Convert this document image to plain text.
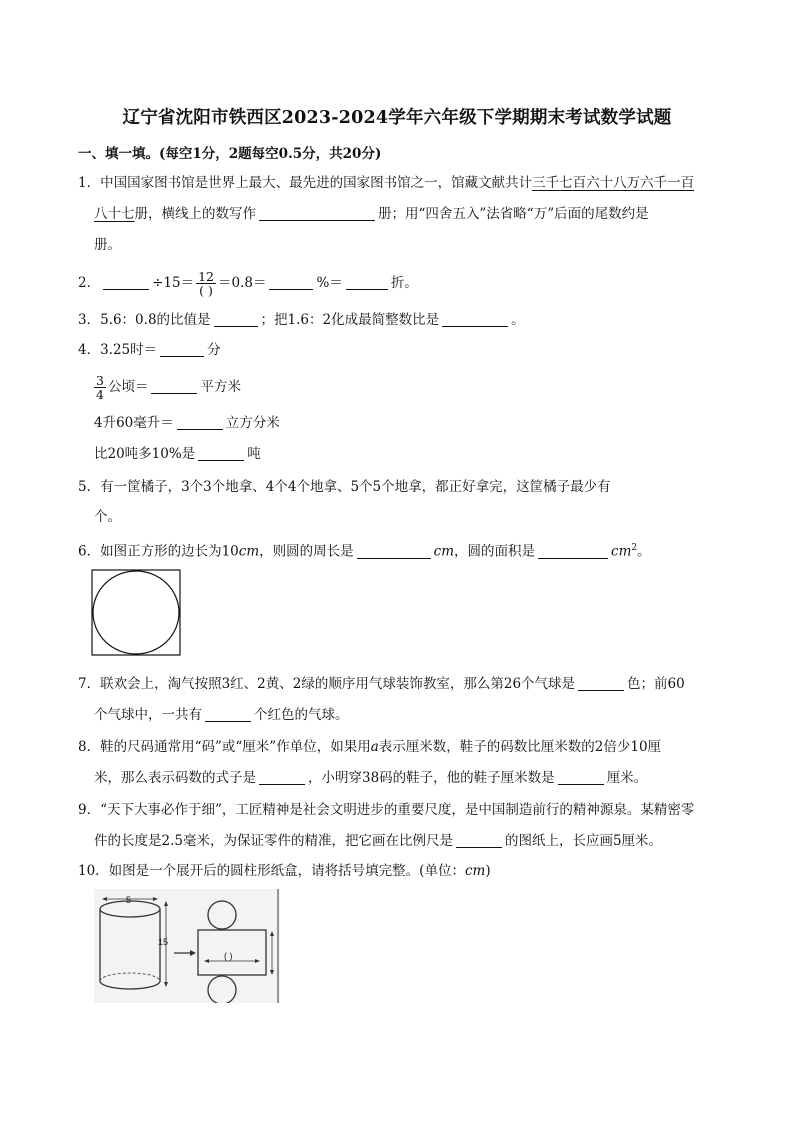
辽宁省沈阳市铁西区2023-2024学年六年级下学期期末考试数学试题
一、填一填。(每空1分，2题每空0.5分，共20分)
1．中国国家图书馆是世界上最大、最先进的国家图书馆之一，馆藏文献共计三千七百六十八万六千一百
八十七册，横线上的数写作	册；用“四舍五入”法省略“万”后面的尾数约是
册。
2．	$\div 15= \frac{12}{( )} =0.8=$	%＝	折。
3．5.6：0.8的比值是	；把1.6：2化成最简整数比是	。
4．3.25时＝	分
$\frac{3}{4}$ 公顷＝	平方米
4升60毫升＝	立方分米
比20吨多10%是	吨
5．有一筐橘子，3个3个地拿、4个4个地拿、5个5个地拿，都正好拿完，这筐橘子最少有
个。
6．如图正方形的边长为10cm，则圆的周长是	cm，圆的面积是	$cm^2$。
7．联欢会上，淘气按照3红、2黄、2绿的顺序用气球装饰教室，那么第26个气球是	色；前60
个气球中，一共有	个红色的气球。
8．鞋的尺码通常用“码”或“厘米”作单位，如果用a表示厘米数，鞋子的码数比厘米数的2倍少10厘
米，那么表示码数的式子是	，小明穿38码的鞋子，他的鞋子厘米数是	厘米。
9．“天下大事必作于细”，工匠精神是社会文明进步的重要尺度，是中国制造前行的精神源泉。某精密零
件的长度是2.5毫米，为保证零件的精准，把它画在比例尺是	的图纸上，长应画5厘米。
10．如图是一个展开后的圆柱形纸盒，请将括号填完整。(单位：cm)
5
15
( )
